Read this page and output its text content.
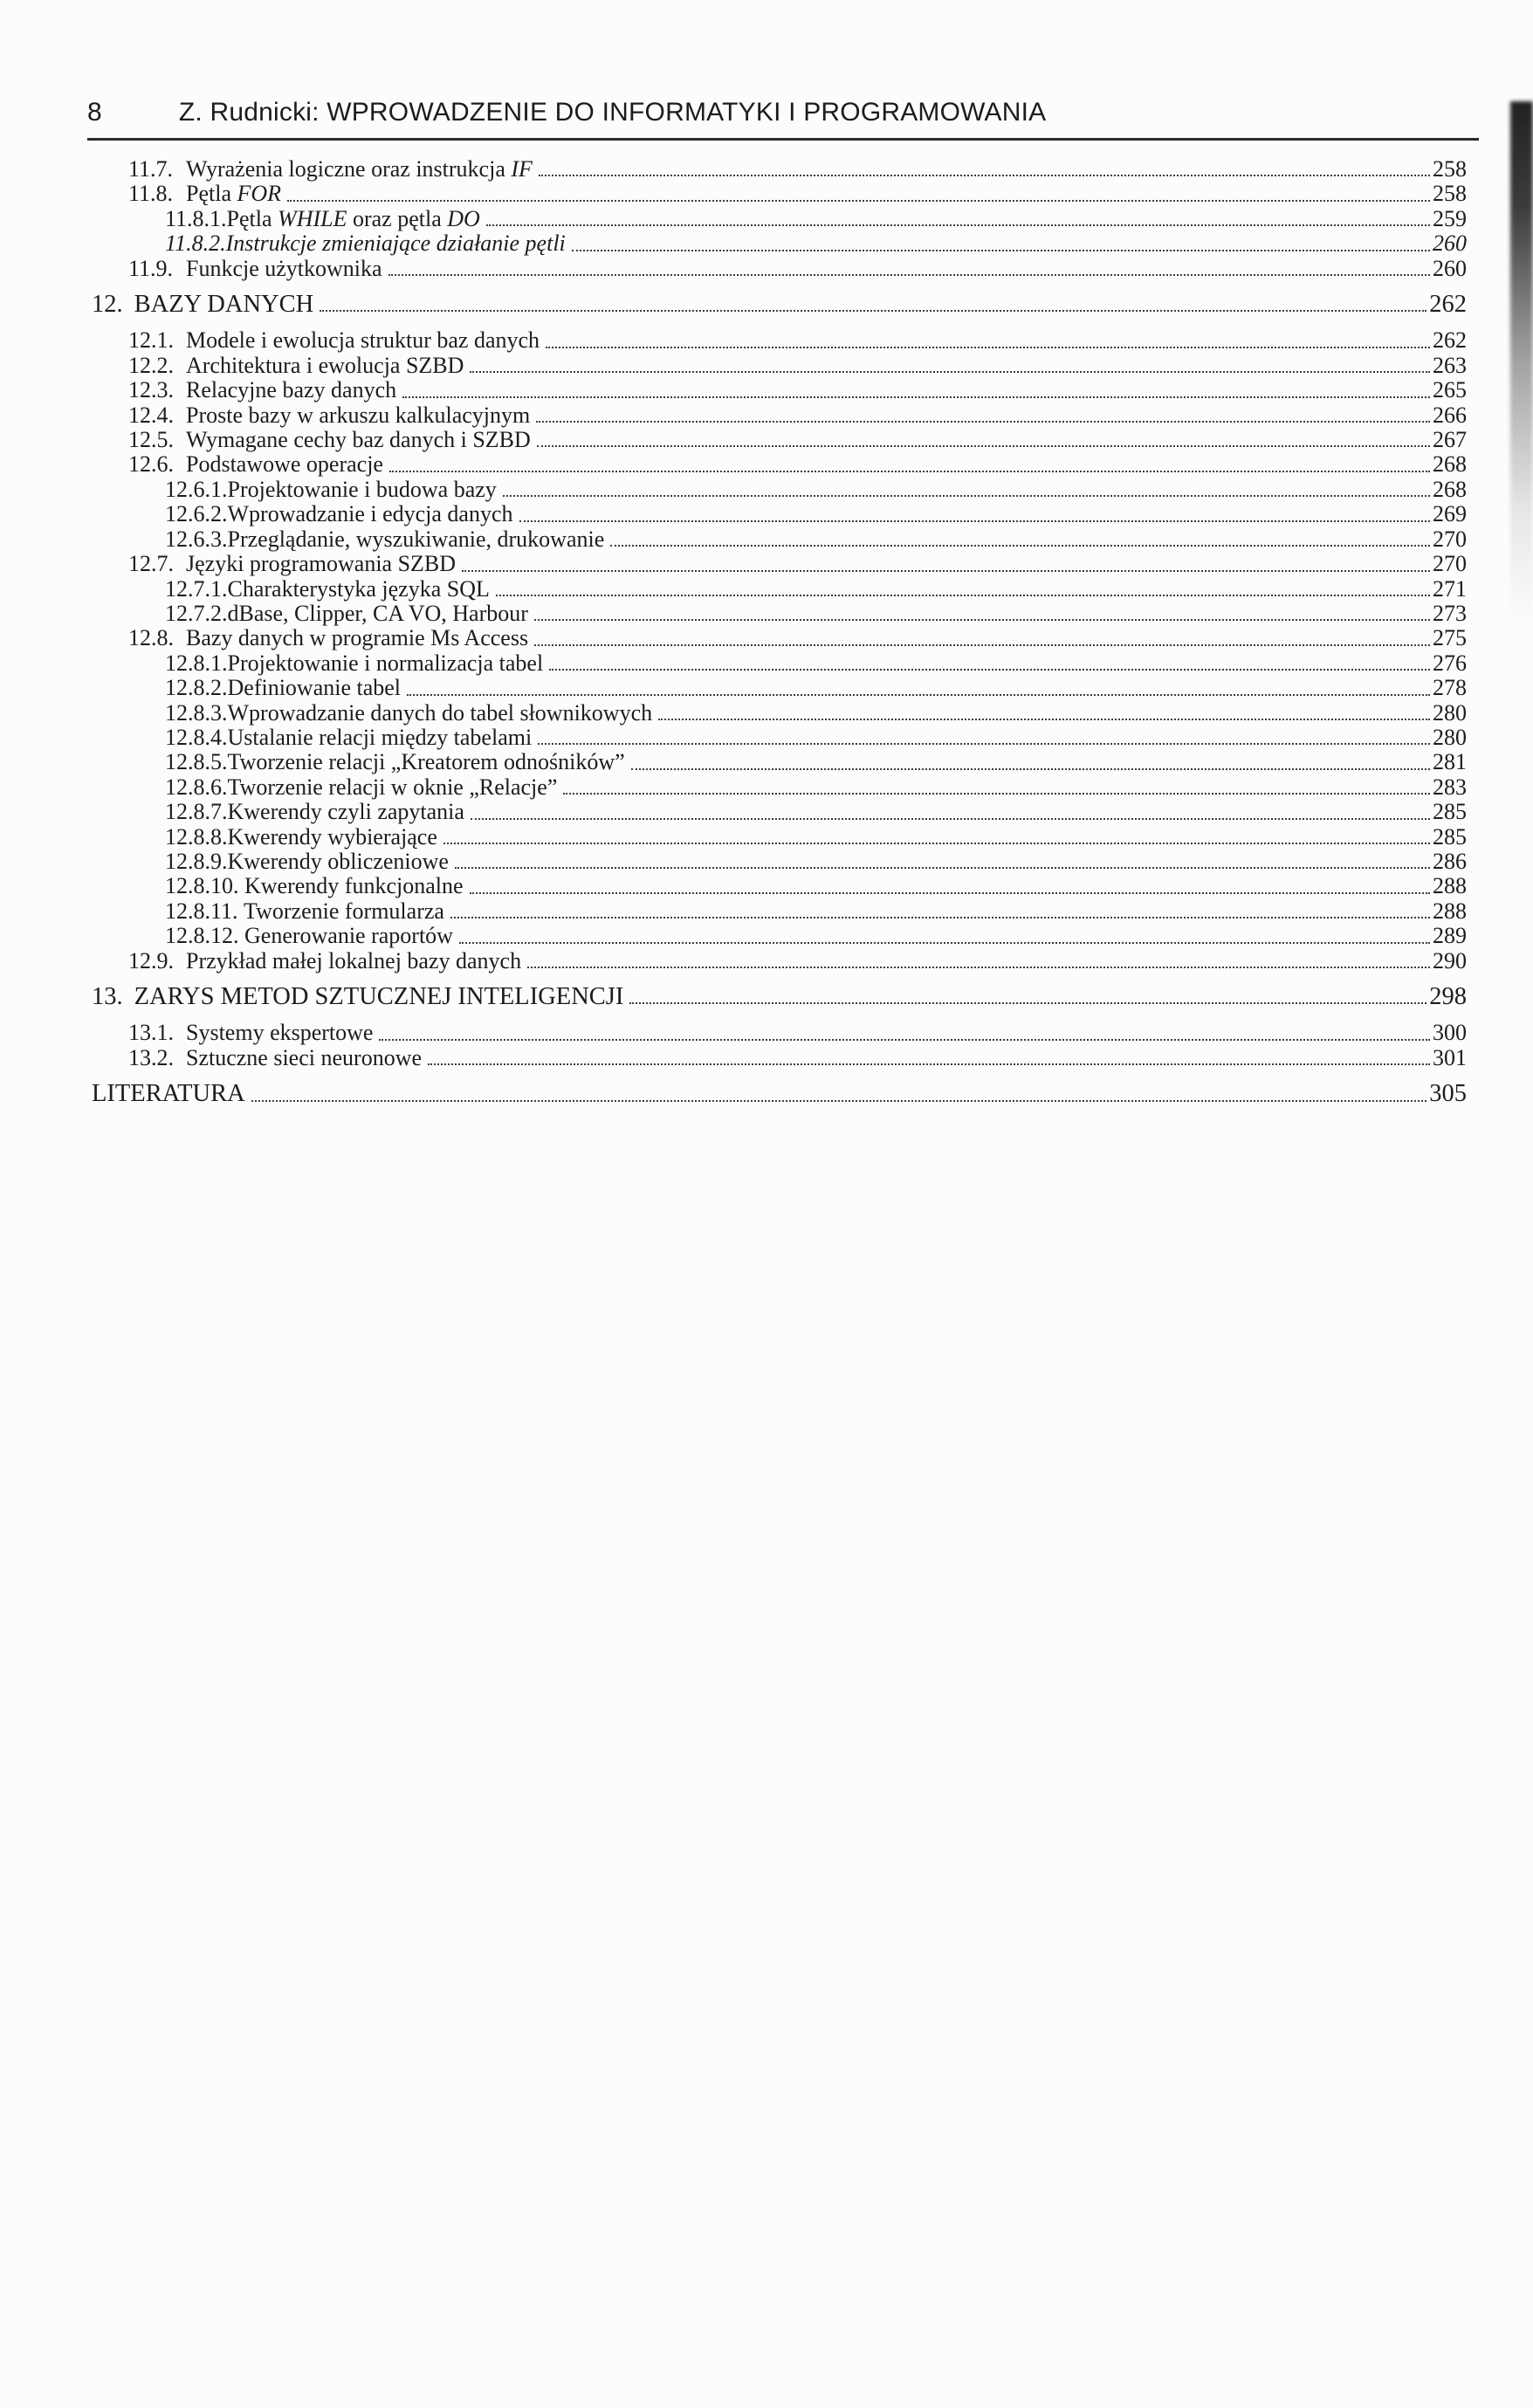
8	Z. Rudnicki: WPROWADZENIE DO INFORMATYKI I PROGRAMOWANIA
11.7. Wyrażenia logiczne oraz instrukcja IF	258
11.8. Pętla FOR	258
11.8.1. Pętla WHILE oraz pętla DO	259
11.8.2. Instrukcje zmieniające działanie pętli	260
11.9. Funkcje użytkownika	260
12. BAZY DANYCH	262
12.1. Modele i ewolucja struktur baz danych	262
12.2. Architektura i ewolucja SZBD	263
12.3. Relacyjne bazy danych	265
12.4. Proste bazy w arkuszu kalkulacyjnym	266
12.5. Wymagane cechy baz danych i SZBD	267
12.6. Podstawowe operacje	268
12.6.1. Projektowanie i budowa bazy	268
12.6.2. Wprowadzanie i edycja danych	269
12.6.3. Przeglądanie, wyszukiwanie, drukowanie	270
12.7. Języki programowania SZBD	270
12.7.1. Charakterystyka języka SQL	271
12.7.2. dBase, Clipper, CA VO, Harbour	273
12.8. Bazy danych w programie Ms Access	275
12.8.1. Projektowanie i normalizacja tabel	276
12.8.2. Definiowanie tabel	278
12.8.3. Wprowadzanie danych do tabel słownikowych	280
12.8.4. Ustalanie relacji między tabelami	280
12.8.5. Tworzenie relacji „Kreatorem odnośników”	281
12.8.6. Tworzenie relacji w oknie „Relacje”	283
12.8.7. Kwerendy czyli zapytania	285
12.8.8. Kwerendy wybierające	285
12.8.9. Kwerendy obliczeniowe	286
12.8.10. Kwerendy funkcjonalne	288
12.8.11. Tworzenie formularza	288
12.8.12. Generowanie raportów	289
12.9. Przykład małej lokalnej bazy danych	290
13. ZARYS METOD SZTUCZNEJ INTELIGENCJI	298
13.1. Systemy ekspertowe	300
13.2. Sztuczne sieci neuronowe	301
LITERATURA	305
